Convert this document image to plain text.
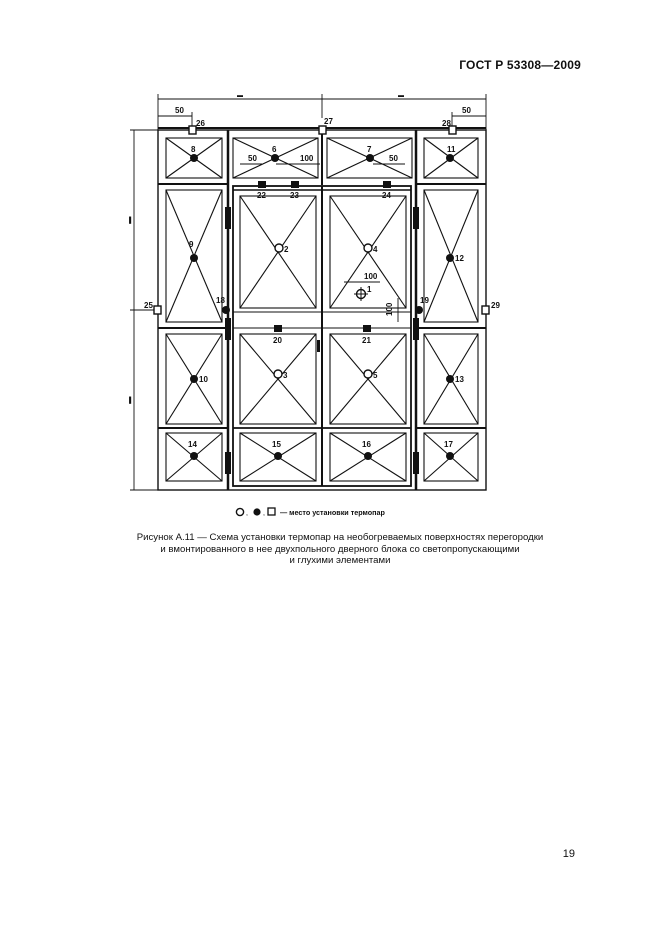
ГОСТ Р 53308—2009
▬	▬
▐
▐
50	50
50	100	50
100
100
1
2
3
4
5
6	7
8
9
10
11
12
13
14	15	16	17
18	19
20	21
22	23	24
25
26	27	28
29
, , — место установки термопар
Рисунок А.11 — Схема установки термопар на необогреваемых поверхностях перегородки
и вмонтированного в нее двухпольного дверного блока со светопропускающими
и глухими элементами
19
